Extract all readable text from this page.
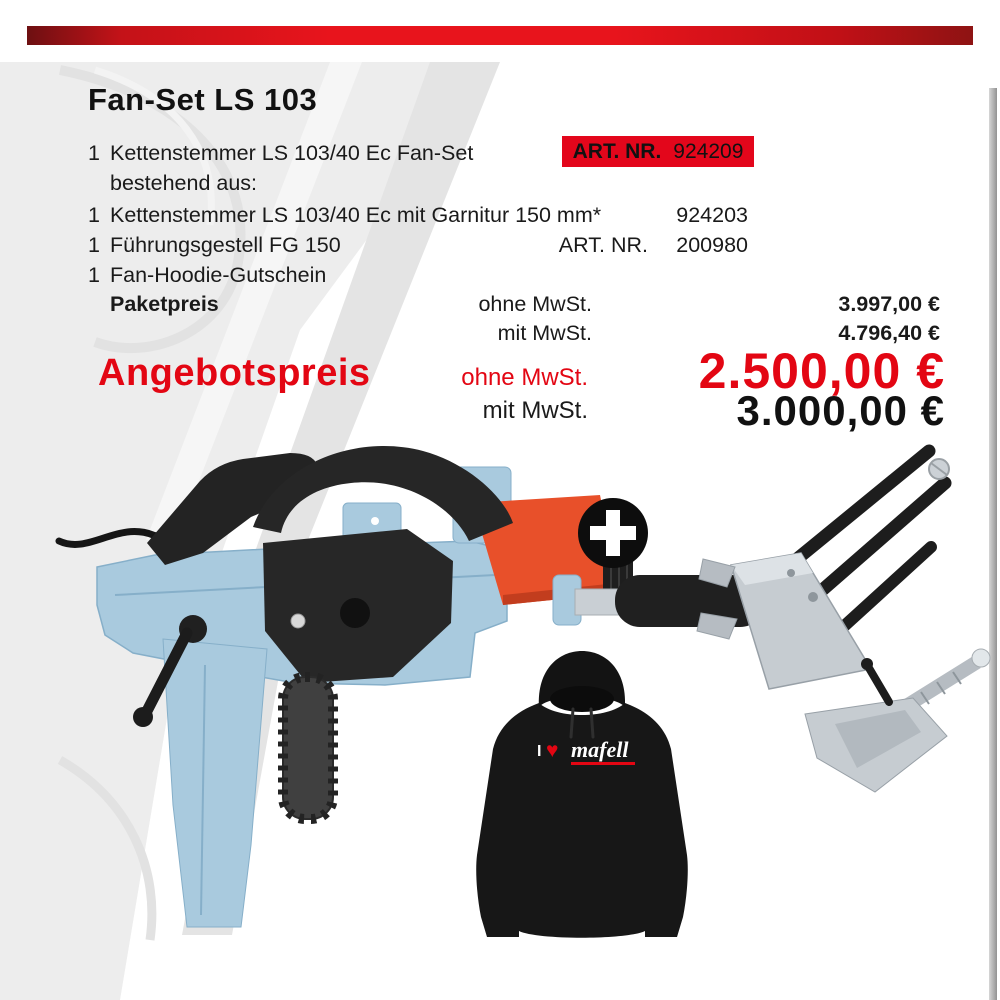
Fan-Set LS 103
1 Kettenstemmer LS 103/40 Ec Fan-Set	ART. NR. 924209
bestehend aus:
1 Kettenstemmer LS 103/40 Ec mit Garnitur 150 mm*	924203
1 Führungsgestell FG 150	ART. NR.	200980
1 Fan-Hoodie-Gutschein
Paketpreis	ohne MwSt.	3.997,00 €
mit MwSt.	4.796,40 €
Angebotspreis	ohne MwSt.	2.500,00 €
mit MwSt.	3.000,00 €
I ♥ mafell
